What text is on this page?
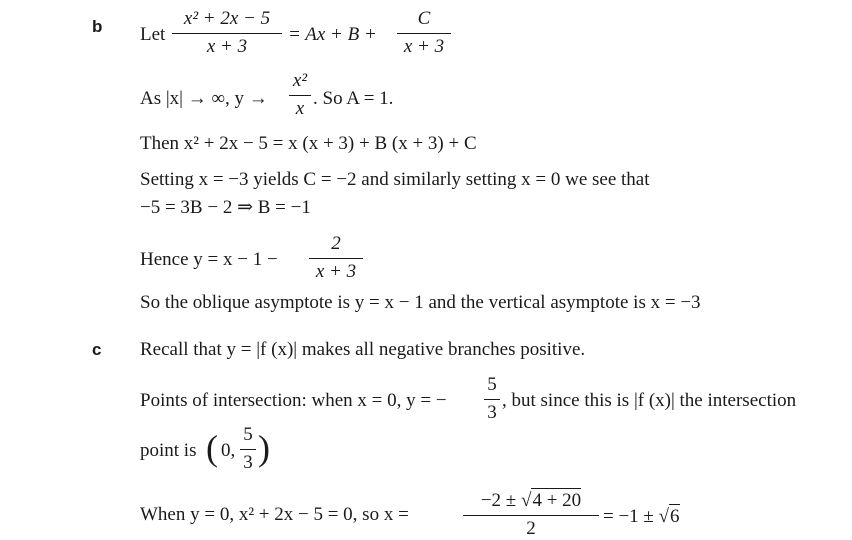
b
c
Let $\frac{\text{x² + 2x − 5}}{x + 3} = Ax + B + \frac{C}{x + 3}$
As |x| → ∞, $y \to \frac{\text{x²}}{x}$ . So A = 1.
Then x² + 2x − 5 = x (x + 3) + B (x + 3) + C
Setting x = −3 yields C = −2 and similarly setting x = 0 we see that
−5 = 3B − 2 ⇒ B = −1
Hence $y = x - 1 - \frac{2}{x + 3}$
So the oblique asymptote is y = x − 1 and the vertical asymptote is x = −3
Recall that y = |f (x)| makes all negative branches positive.
Points of intersection: when x = 0, y = − $\frac{5}{3}$ , but since this is |f (x)| the intersection
point is ( 0, $\frac{5}{3}$ )
When y = 0, x² + 2x − 5 = 0, so x =	$\frac{-2 \pm √4 + 20}{2} = -1 \pm √6$
